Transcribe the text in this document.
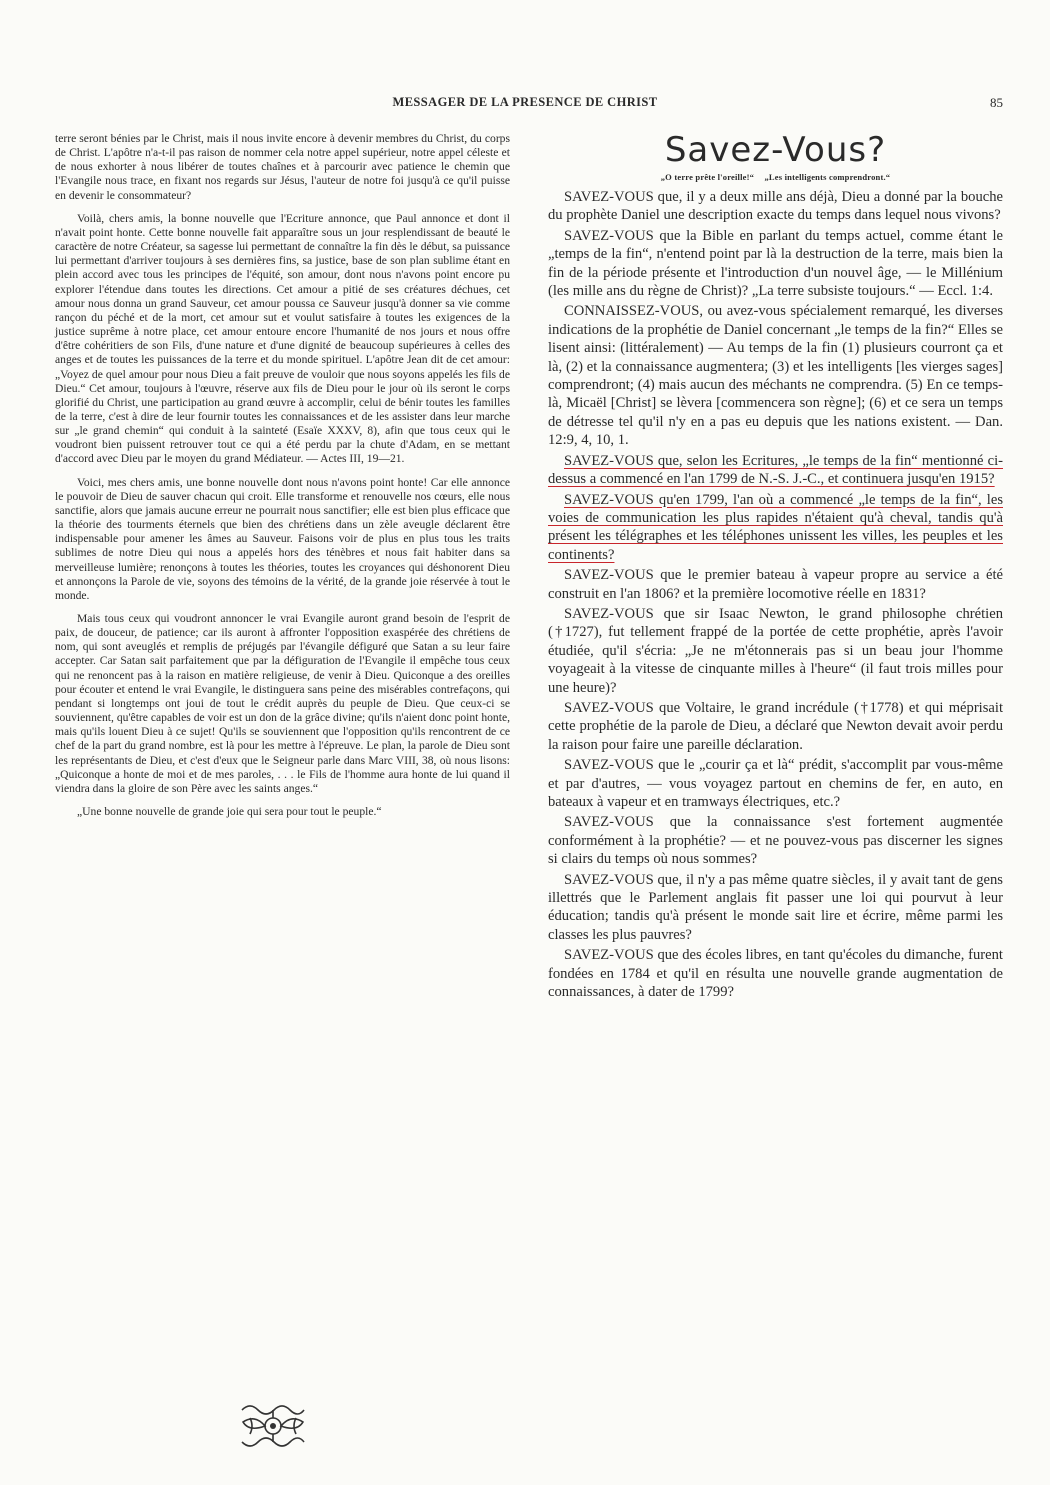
MESSAGER DE LA PRESENCE DE CHRIST	85

terre seront bénies par le Christ, mais il nous invite encore à devenir membres du Christ, du corps de Christ. L'apôtre n'a-t-il pas raison de nommer cela notre appel supérieur, notre appel céleste et de nous exhorter à nous libérer de toutes chaînes et à parcourir avec patience le chemin que l'Evangile nous trace, en fixant nos regards sur Jésus, l'auteur de notre foi jusqu'à ce qu'il puisse en devenir le consommateur?

Voilà, chers amis, la bonne nouvelle que l'Ecriture annonce, que Paul annonce et dont il n'avait point honte. Cette bonne nouvelle fait apparaître sous un jour resplendissant de beauté le caractère de notre Créateur, sa sagesse lui permettant de connaître la fin dès le début, sa puissance lui permettant d'arriver toujours à ses dernières fins, sa justice, base de son plan sublime étant en plein accord avec tous les principes de l'équité, son amour, dont nous n'avons point encore pu explorer l'étendue dans toutes les directions. Cet amour a pitié de ses créatures déchues, cet amour nous donna un grand Sauveur, cet amour poussa ce Sauveur jusqu'à donner sa vie comme rançon du péché et de la mort, cet amour sut et voulut satisfaire à toutes les exigences de la justice suprême à notre place, cet amour entoure encore l'humanité de nos jours et nous offre d'être cohéritiers de son Fils, d'une nature et d'une dignité de beaucoup supérieures à celles des anges et de toutes les puissances de la terre et du monde spirituel. L'apôtre Jean dit de cet amour: „Voyez de quel amour pour nous Dieu a fait preuve de vouloir que nous soyons appelés les fils de Dieu.“ Cet amour, toujours à l'œuvre, réserve aux fils de Dieu pour le jour où ils seront le corps glorifié du Christ, une participation au grand œuvre à accomplir, celui de bénir toutes les familles de la terre, c'est à dire de leur fournir toutes les connaissances et de les assister dans leur marche sur „le grand chemin“ qui conduit à la sainteté (Esaïe XXXV, 8), afin que tous ceux qui le voudront bien puissent retrouver tout ce qui a été perdu par la chute d'Adam, en se mettant d'accord avec Dieu par le moyen du grand Médiateur. — Actes III, 19—21.

Voici, mes chers amis, une bonne nouvelle dont nous n'avons point honte! Car elle annonce le pouvoir de Dieu de sauver chacun qui croit. Elle transforme et renouvelle nos cœurs, elle nous sanctifie, alors que jamais aucune erreur ne pourrait nous sanctifier; elle est bien plus efficace que la théorie des tourments éternels que bien des chrétiens dans un zèle aveugle déclarent être indispensable pour amener les âmes au Sauveur. Faisons voir de plus en plus tous les traits sublimes de notre Dieu qui nous a appelés hors des ténèbres et nous fait habiter dans sa merveilleuse lumière; renonçons à toutes les théories, toutes les croyances qui déshonorent Dieu et annonçons la Parole de vie, soyons des témoins de la vérité, de la grande joie réservée à tout le monde.

Mais tous ceux qui voudront annoncer le vrai Evangile auront grand besoin de l'esprit de paix, de douceur, de patience; car ils auront à affronter l'opposition exaspérée des chrétiens de nom, qui sont aveuglés et remplis de préjugés par l'évangile défiguré que Satan a su leur faire accepter. Car Satan sait parfaitement que par la défiguration de l'Evangile il empêche tous ceux qui ne renoncent pas à la raison en matière religieuse, de venir à Dieu. Quiconque a des oreilles pour écouter et entend le vrai Evangile, le distinguera sans peine des misérables contrefaçons, qui pendant si longtemps ont joui de tout le crédit auprès du peuple de Dieu. Que ceux-ci se souviennent, qu'être capables de voir est un don de la grâce divine; qu'ils n'aient donc point honte, mais qu'ils louent Dieu à ce sujet! Qu'ils se souviennent que l'opposition qu'ils rencontrent de ce chef de la part du grand nombre, est là pour les mettre à l'épreuve. Le plan, la parole de Dieu sont les représentants de Dieu, et c'est d'eux que le Seigneur parle dans Marc VIII, 38, où nous lisons: „Quiconque a honte de moi et de mes paroles, . . . le Fils de l'homme aura honte de lui quand il viendra dans la gloire de son Père avec les saints anges.“

„Une bonne nouvelle de grande joie qui sera pour tout le peuple.“

Savez-Vous?
„O terre prête l'oreille!“ „Les intelligents comprendront.“

SAVEZ-VOUS que, il y a deux mille ans déjà, Dieu a donné par la bouche du prophète Daniel une description exacte du temps dans lequel nous vivons?

SAVEZ-VOUS que la Bible en parlant du temps actuel, comme étant le „temps de la fin“, n'entend point par là la destruction de la terre, mais bien la fin de la période présente et l'introduction d'un nouvel âge, — le Millénium (les mille ans du règne de Christ)? „La terre subsiste toujours.“ — Eccl. 1:4.

CONNAISSEZ-VOUS, ou avez-vous spécialement remarqué, les diverses indications de la prophétie de Daniel concernant „le temps de la fin?“ Elles se lisent ainsi: (littéralement) — Au temps de la fin (1) plusieurs courront ça et là, (2) et la connaissance augmentera; (3) et les intelligents [les vierges sages] comprendront; (4) mais aucun des méchants ne comprendra. (5) En ce temps-là, Micaël [Christ] se lèvera [commencera son règne]; (6) et ce sera un temps de détresse tel qu'il n'y en a pas eu depuis que les nations existent. — Dan. 12:9, 4, 10, 1.

SAVEZ-VOUS que, selon les Ecritures, „le temps de la fin“ mentionné ci-dessus a commencé en l'an 1799 de N.-S. J.-C., et continuera jusqu'en 1915?

SAVEZ-VOUS qu'en 1799, l'an où a commencé „le temps de la fin“, les voies de communication les plus rapides n'étaient qu'à cheval, tandis qu'à présent les télégraphes et les téléphones unissent les villes, les peuples et les continents?

SAVEZ-VOUS que le premier bateau à vapeur propre au service a été construit en l'an 1806? et la première locomotive réelle en 1831?

SAVEZ-VOUS que sir Isaac Newton, le grand philosophe chrétien (†1727), fut tellement frappé de la portée de cette prophétie, après l'avoir étudiée, qu'il s'écria: „Je ne m'étonnerais pas si un beau jour l'homme voyageait à la vitesse de cinquante milles à l'heure“ (il faut trois milles pour une heure)?

SAVEZ-VOUS que Voltaire, le grand incrédule (†1778) et qui méprisait cette prophétie de la parole de Dieu, a déclaré que Newton devait avoir perdu la raison pour faire une pareille déclaration.

SAVEZ-VOUS que le „courir ça et là“ prédit, s'accomplit par vous-même et par d'autres, — vous voyagez partout en chemins de fer, en auto, en bateaux à vapeur et en tramways électriques, etc.?

SAVEZ-VOUS que la connaissance s'est fortement augmentée conformément à la prophétie? — et ne pouvez-vous pas discerner les signes si clairs du temps où nous sommes?

SAVEZ-VOUS que, il n'y a pas même quatre siècles, il y avait tant de gens illettrés que le Parlement anglais fit passer une loi qui pourvut à leur éducation; tandis qu'à présent le monde sait lire et écrire, même parmi les classes les plus pauvres?

SAVEZ-VOUS que des écoles libres, en tant qu'écoles du dimanche, furent fondées en 1784 et qu'il en résulta une nouvelle grande augmentation de connaissances, à dater de 1799?
